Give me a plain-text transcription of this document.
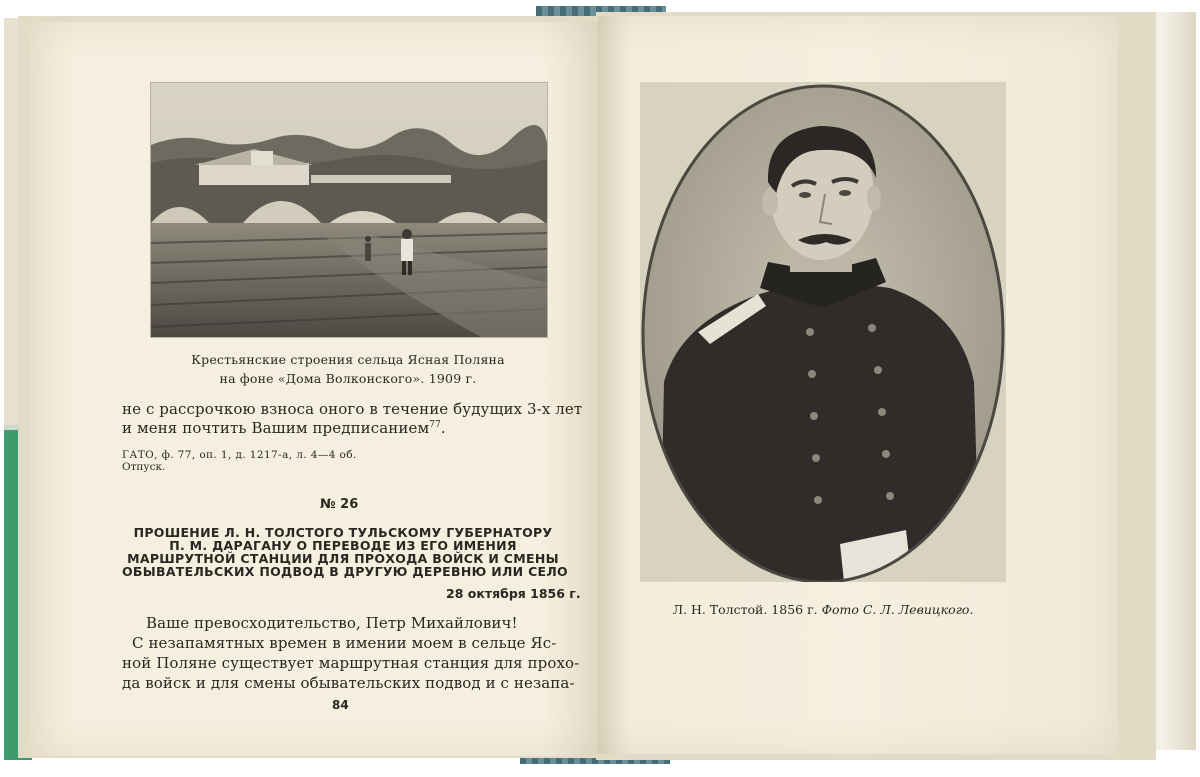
Крестьянские строения сельца Ясная Поляна
на фоне «Дома Волконского». 1909 г.
не с рассрочкою взноса оного в течение будущих 3-х лет
и меня почтить Вашим предписанием$^{77}$.
ГАТО, ф. 77, оп. 1, д. 1217-а, л. 4—4 об.
Отпуск.
№ 26
ПРОШЕНИЕ Л. Н. ТОЛСТОГО ТУЛЬСКОМУ ГУБЕРНАТОРУ
П. М. ДАРАГАНУ О ПЕРЕВОДЕ ИЗ ЕГО ИМЕНИЯ
МАРШРУТНОЙ СТАНЦИИ ДЛЯ ПРОХОДА ВОЙСК И СМЕНЫ
ОБЫВАТЕЛЬСКИХ ПОДВОД В ДРУГУЮ ДЕРЕВНЮ ИЛИ СЕЛО
28 октября 1856 г.
Ваше превосходительство, Петр Михайлович!
С незапамятных времен в имении моем в сельце Яс-
ной Поляне существует маршрутная станция для прохо-
да войск и для смены обывательских подвод и с незапа-
84
Л. Н. Толстой. 1856 г. Фото С. Л. Левицкого.
